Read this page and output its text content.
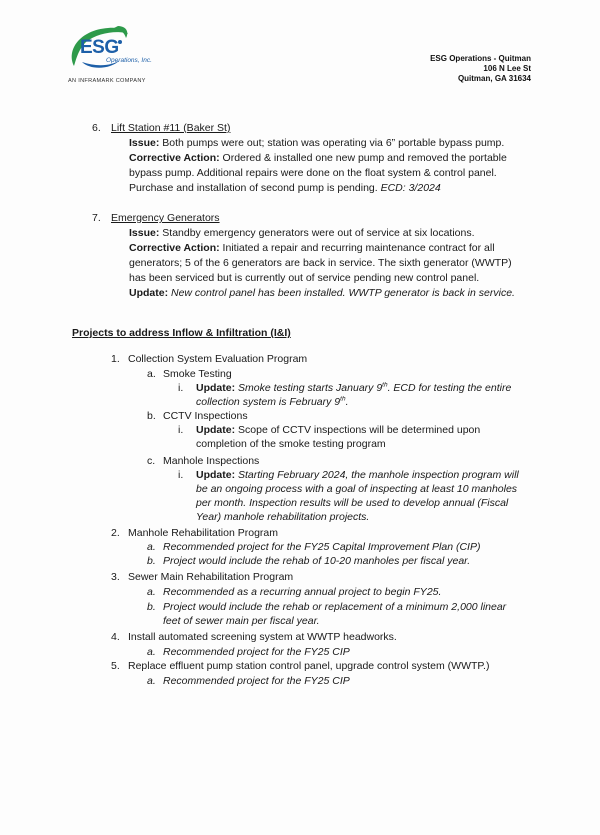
ESG
Operations, Inc.
AN INFRAMARK COMPANY
ESG Operations - Quitman
106 N Lee St
Quitman, GA 31634
6. Lift Station #11 (Baker St)
Issue: Both pumps were out; station was operating via 6” portable bypass pump.
Corrective Action: Ordered & installed one new pump and removed the portable
bypass pump. Additional repairs were done on the float system & control panel.
Purchase and installation of second pump is pending. ECD: 3/2024
7. Emergency Generators
Issue: Standby emergency generators were out of service at six locations.
Corrective Action: Initiated a repair and recurring maintenance contract for all
generators; 5 of the 6 generators are back in service. The sixth generator (WWTP)
has been serviced but is currently out of service pending new control panel.
Update: New control panel has been installed. WWTP generator is back in service.
Projects to address Inflow & Infiltration (I&I)
1. Collection System Evaluation Program
a. Smoke Testing
i. Update: Smoke testing starts January 9th. ECD for testing the entire
collection system is February 9th.
b. CCTV Inspections
i. Update: Scope of CCTV inspections will be determined upon
completion of the smoke testing program
c. Manhole Inspections
i. Update: Starting February 2024, the manhole inspection program will
be an ongoing process with a goal of inspecting at least 10 manholes
per month. Inspection results will be used to develop annual (Fiscal
Year) manhole rehabilitation projects.
2. Manhole Rehabilitation Program
a. Recommended project for the FY25 Capital Improvement Plan (CIP)
b. Project would include the rehab of 10-20 manholes per fiscal year.
3. Sewer Main Rehabilitation Program
a. Recommended as a recurring annual project to begin FY25.
b. Project would include the rehab or replacement of a minimum 2,000 linear
feet of sewer main per fiscal year.
4. Install automated screening system at WWTP headworks.
a. Recommended project for the FY25 CIP
5. Replace effluent pump station control panel, upgrade control system (WWTP.)
a. Recommended project for the FY25 CIP
